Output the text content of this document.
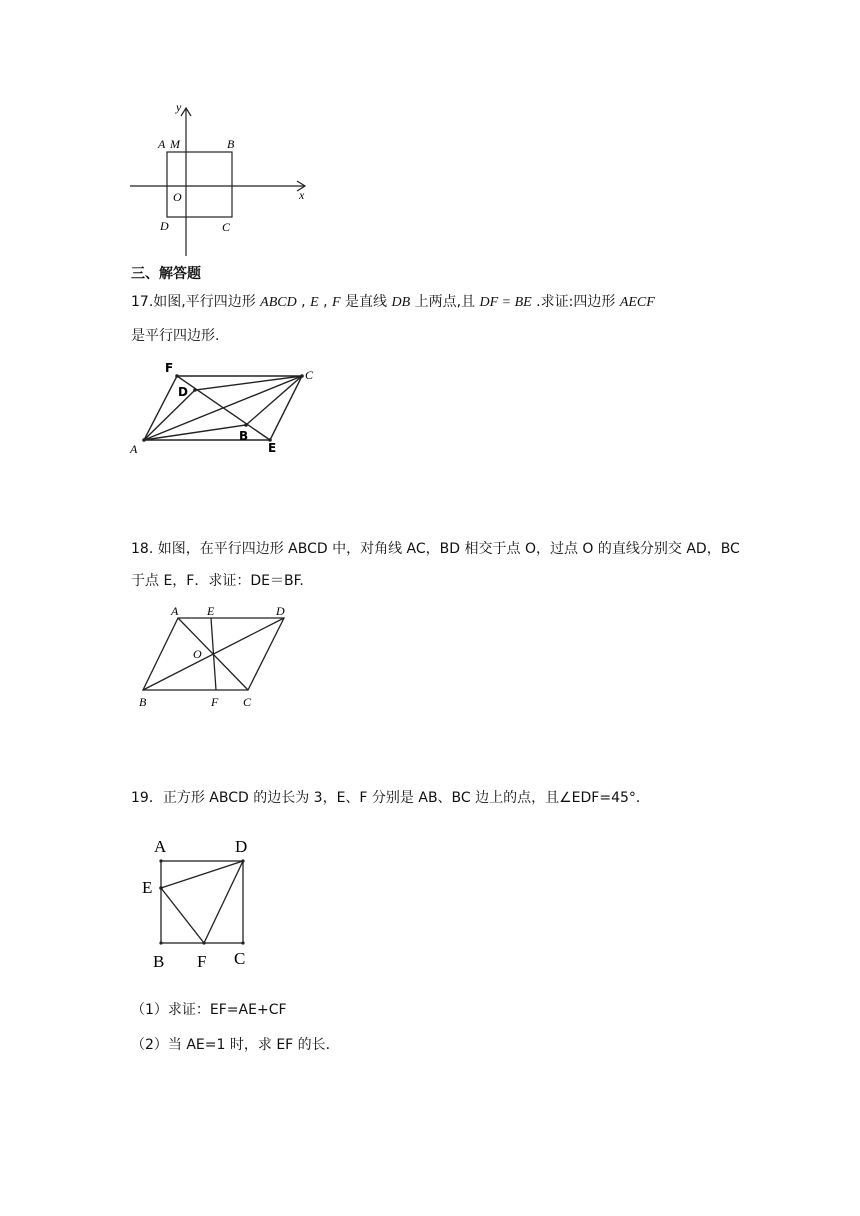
y
x
A M	B
O
D	C
三、解答题
17.如图,平行四边形 ABCD , E , F 是直线 DB 上两点,且 DF = BE .求证:四边形 AECF
是平行四边形.
F	C
D
B
A	E
18. 如图，在平行四边形 ABCD 中，对角线 AC，BD 相交于点 O，过点 O 的直线分别交 AD，BC
于点 E，F．求证：DE＝BF.
A E	D
O
B	F C
19．正方形 ABCD 的边长为 3，E、F 分别是 AB、BC 边上的点，且∠EDF=45°．
A	D
E
B F C
（1）求证：EF=AE+CF
（2）当 AE=1 时，求 EF 的长．
